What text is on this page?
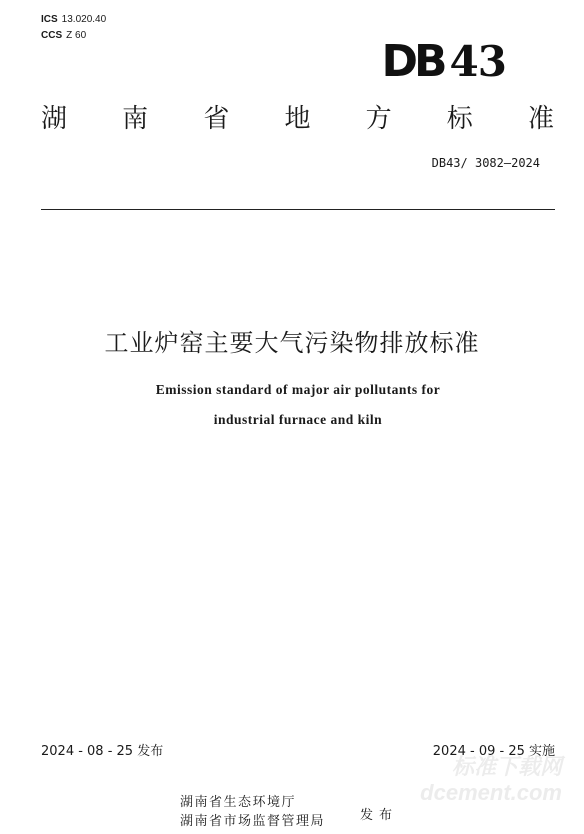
ICS 13.020.40
CCS Z 60
DB 43
湖 南 省 地 方 标 准
DB43/ 3082—2024
工业炉窑主要大气污染物排放标准
Emission standard of major air pollutants for
industrial furnace and kiln
2024 - 08 - 25 发布	2024 - 09 - 25 实施
标准下载网
dcement.com
湖南省生态环境厅
湖南省市场监督管理局	发布
